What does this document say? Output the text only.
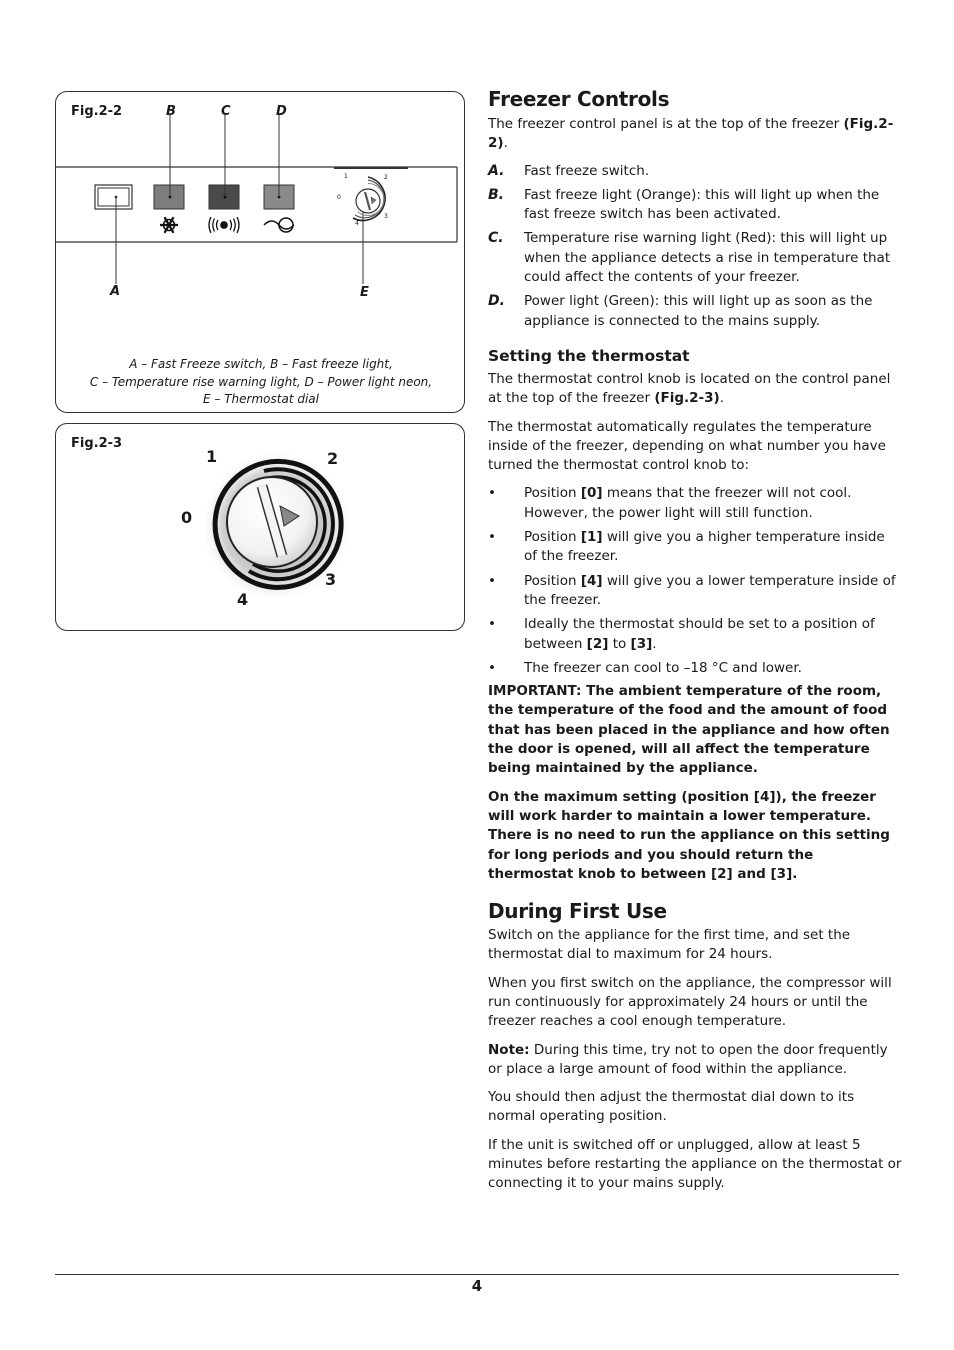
Fig.2-2	B	C	D
A	E
1	2
0
4
3
A – Fast Freeze switch, B – Fast freeze light,
C – Temperature rise warning light, D – Power light neon,
E – Thermostat dial
Fig.2-3
1	2
0
3
4
Freezer Controls

The freezer control panel is at the top of the freezer (Fig.2-2).

A. Fast freeze switch.
B. Fast freeze light (Orange): this will light up when the fast freeze switch has been activated.
C. Temperature rise warning light (Red): this will light up when the appliance detects a rise in temperature that could affect the contents of your freezer.
D. Power light (Green): this will light up as soon as the appliance is connected to the mains supply.
Setting the thermostat

The thermostat control knob is located on the control panel at the top of the freezer (Fig.2-3).

The thermostat automatically regulates the temperature inside of the freezer, depending on what number you have turned the thermostat control knob to:

• Position [0] means that the freezer will not cool. However, the power light will still function.
• Position [1] will give you a higher temperature inside of the freezer.
• Position [4] will give you a lower temperature inside of the freezer.
• Ideally the thermostat should be set to a position of between [2] to [3].
• The freezer can cool to –18 °C and lower.

IMPORTANT: The ambient temperature of the room, the temperature of the food and the amount of food that has been placed in the appliance and how often the door is opened, will all affect the temperature being maintained by the appliance.

On the maximum setting (position [4]), the freezer will work harder to maintain a lower temperature. There is no need to run the appliance on this setting for long periods and you should return the thermostat knob to between [2] and [3].

During First Use

Switch on the appliance for the first time, and set the thermostat dial to maximum for 24 hours.

When you first switch on the appliance, the compressor will run continuously for approximately 24 hours or until the freezer reaches a cool enough temperature.

Note: During this time, try not to open the door frequently or place a large amount of food within the appliance.

You should then adjust the thermostat dial down to its normal operating position.

If the unit is switched off or unplugged, allow at least 5 minutes before restarting the appliance on the thermostat or connecting it to your mains supply.

4
